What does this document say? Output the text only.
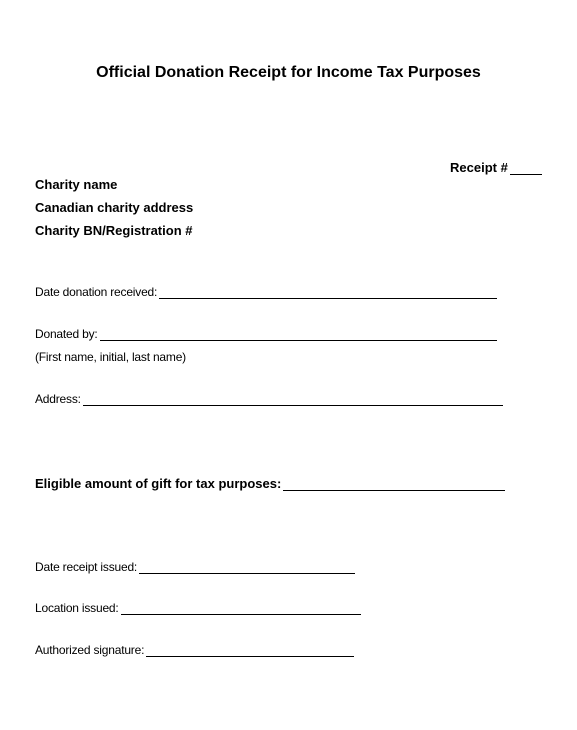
Official Donation Receipt for Income Tax Purposes
Receipt #
Charity name
Canadian charity address
Charity BN/Registration #
Date donation received:
Donated by:
(First name, initial, last name)
Address:
Eligible amount of gift for tax purposes:
Date receipt issued:
Location issued:
Authorized signature:
